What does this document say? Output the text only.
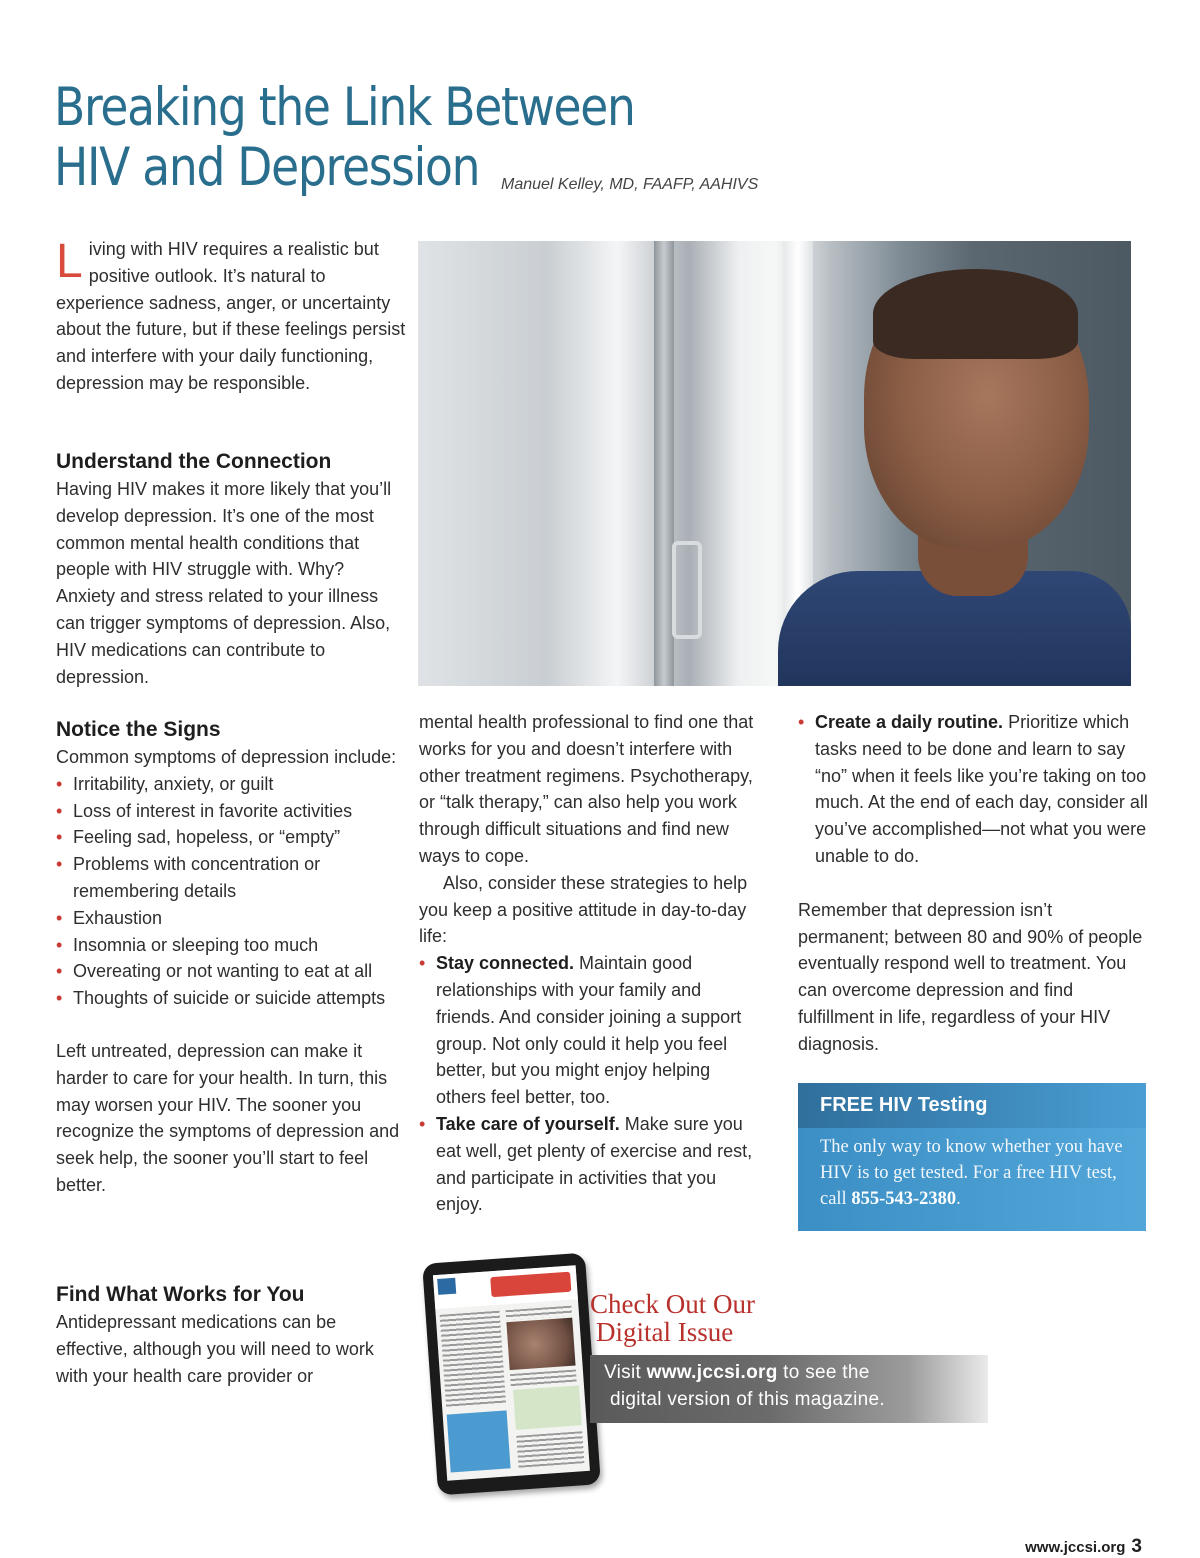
Breaking the Link Between
HIV and Depression	Manuel Kelley, MD, FAAFP, AAHIVS
L iving with HIV requires a realistic but positive outlook. It’s natural to experience sadness, anger, or uncertainty about the future, but if these feelings persist and interfere with your daily functioning, depression may be responsible.
Understand the Connection

Having HIV makes it more likely that you’ll develop depression. It’s one of the most common mental health conditions that people with HIV struggle with. Why? Anxiety and stress related to your illness can trigger symptoms of depression. Also, HIV medications can contribute to depression.

Notice the Signs

Common symptoms of depression include:

• Irritability, anxiety, or guilt
• Loss of interest in favorite activities
• Feeling sad, hopeless, or “empty”
• Problems with concentration or remembering details
• Exhaustion
• Insomnia or sleeping too much
• Overeating or not wanting to eat at all
• Thoughts of suicide or suicide attempts

Left untreated, depression can make it harder to care for your health. In turn, this may worsen your HIV. The sooner you recognize the symptoms of depression and seek help, the sooner you’ll start to feel better.

Find What Works for You

Antidepressant medications can be effective, although you will need to work with your health care provider or

mental health professional to find one that works for you and doesn’t interfere with other treatment regimens. Psychotherapy, or “talk therapy,” can also help you work through difficult situations and find new ways to cope.

Also, consider these strategies to help you keep a positive attitude in day-to-day life:

• Stay connected. Maintain good relationships with your family and friends. And consider joining a support group. Not only could it help you feel better, but you might enjoy helping others feel better, too.
• Take care of yourself. Make sure you eat well, get plenty of exercise and rest, and participate in activities that you enjoy.
• Create a daily routine. Prioritize which tasks need to be done and learn to say “no” when it feels like you’re taking on too much. At the end of each day, consider all you’ve accomplished—not what you were unable to do.

Remember that depression isn’t permanent; between 80 and 90% of people eventually respond well to treatment. You can overcome depression and find fulfillment in life, regardless of your HIV diagnosis.

FREE HIV Testing
The only way to know whether you have HIV is to get tested. For a free HIV test, call 855-543-2380.
Check Out Our
Digital Issue
Visit www.jccsi.org to see the
digital version of this magazine.
www.jccsi.org 3
